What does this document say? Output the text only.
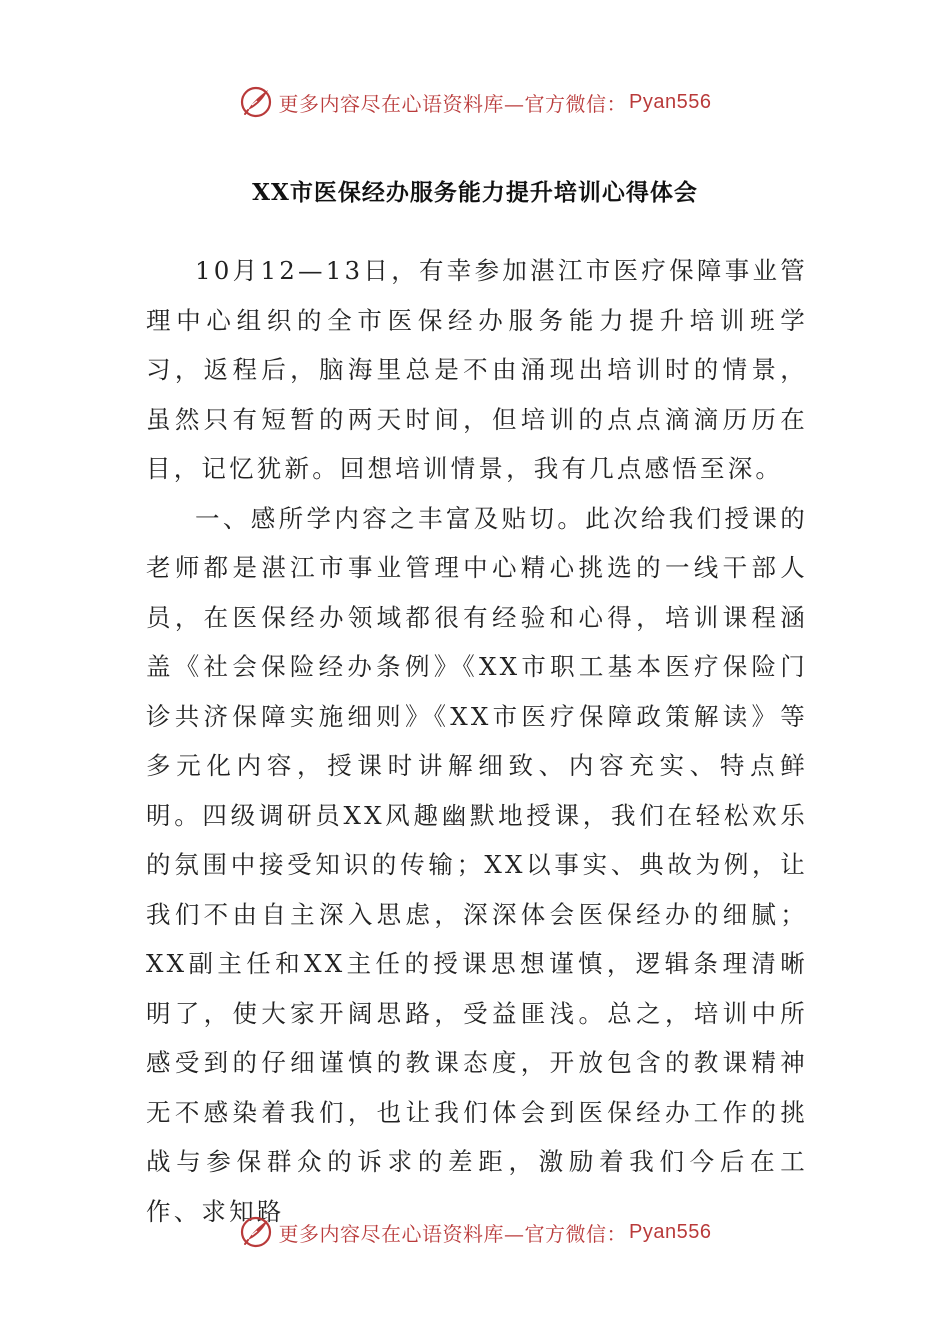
更多内容尽在心语资料库—官方微信： Pyan556
XX市医保经办服务能力提升培训心得体会

10月12—13日，有幸参加湛江市医疗保障事业管理中心组织的全市医保经办服务能力提升培训班学习，返程后，脑海里总是不由涌现出培训时的情景，虽然只有短暂的两天时间，但培训的点点滴滴历历在目，记忆犹新。回想培训情景，我有几点感悟至深。

一、感所学内容之丰富及贴切。此次给我们授课的老师都是湛江市事业管理中心精心挑选的一线干部人员，在医保经办领域都很有经验和心得，培训课程涵盖《社会保险经办条例》《XX市职工基本医疗保险门诊共济保障实施细则》《XX市医疗保障政策解读》等多元化内容，授课时讲解细致、内容充实、特点鲜明。四级调研员XX风趣幽默地授课，我们在轻松欢乐的氛围中接受知识的传输；XX以事实、典故为例，让我们不由自主深入思虑，深深体会医保经办的细腻；XX副主任和XX主任的授课思想谨慎，逻辑条理清晰明了，使大家开阔思路，受益匪浅。总之，培训中所感受到的仔细谨慎的教课态度，开放包含的教课精神无不感染着我们，也让我们体会到医保经办工作的挑战与参保群众的诉求的差距，激励着我们今后在工作、求知路

更多内容尽在心语资料库—官方微信： Pyan556
